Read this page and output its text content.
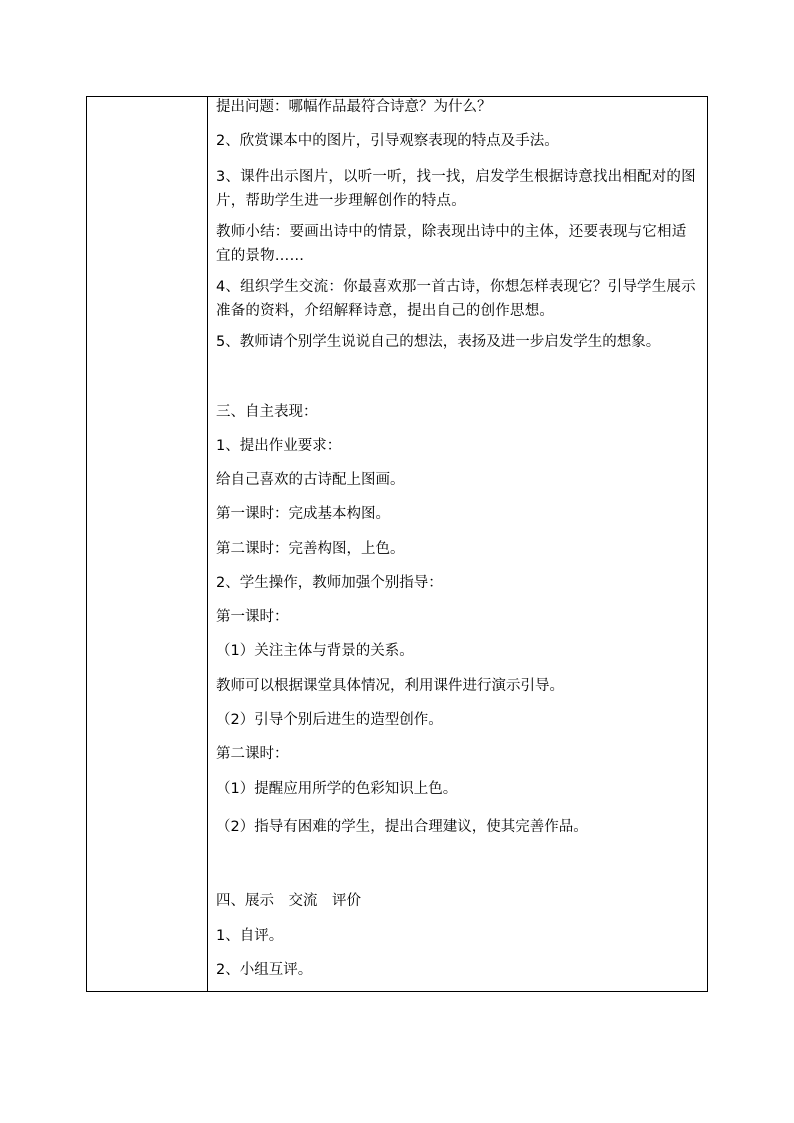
提出问题：哪幅作品最符合诗意？为什么？

2、欣赏课本中的图片，引导观察表现的特点及手法。

3、课件出示图片，以听一听，找一找，启发学生根据诗意找出相配对的图片，帮助学生进一步理解创作的特点。

教师小结：要画出诗中的情景，除表现出诗中的主体，还要表现与它相适宜的景物……

4、组织学生交流：你最喜欢那一首古诗，你想怎样表现它？引导学生展示准备的资料，介绍解释诗意，提出自己的创作思想。

5、教师请个别学生说说自己的想法，表扬及进一步启发学生的想象。

三、自主表现：

1、提出作业要求：

给自己喜欢的古诗配上图画。

第一课时：完成基本构图。

第二课时：完善构图，上色。

2、学生操作，教师加强个别指导：

第一课时：

（1）关注主体与背景的关系。

教师可以根据课堂具体情况，利用课件进行演示引导。

（2）引导个别后进生的造型创作。

第二课时：

（1）提醒应用所学的色彩知识上色。

（2）指导有困难的学生，提出合理建议，使其完善作品。

四、展示　交流　评价

1、自评。

2、小组互评。
